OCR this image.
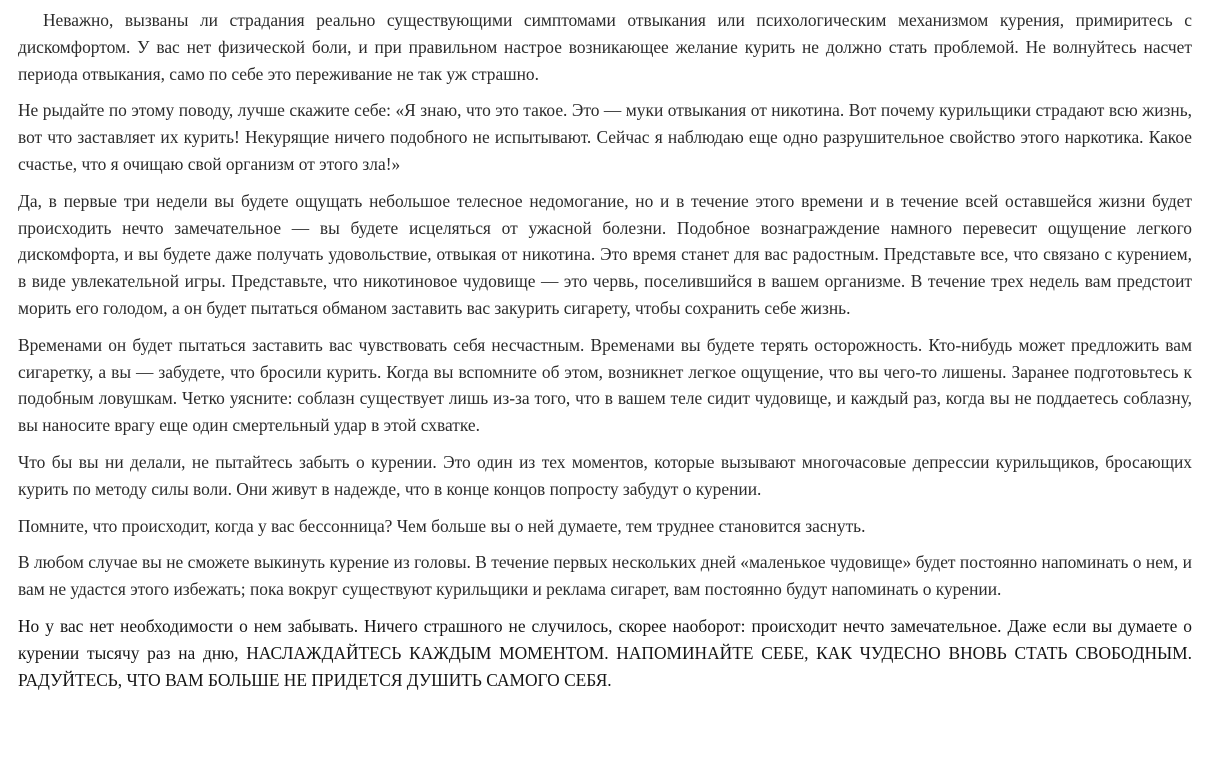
Неважно, вызваны ли страдания реально существующими симптомами отвыкания или психологическим механизмом курения, примиритесь с дискомфортом. У вас нет физической боли, и при правильном настрое возникающее желание курить не должно стать проблемой. Не волнуйтесь насчет периода отвыкания, само по себе это переживание не так уж страшно.

Не рыдайте по этому поводу, лучше скажите себе: «Я знаю, что это такое. Это — муки отвыкания от никотина. Вот почему курильщики страдают всю жизнь, вот что заставляет их курить! Некурящие ничего подобного не испытывают. Сейчас я наблюдаю еще одно разрушительное свойство этого наркотика. Какое счастье, что я очищаю свой организм от этого зла!»

Да, в первые три недели вы будете ощущать небольшое телесное недомогание, но и в течение этого времени и в течение всей оставшейся жизни будет происходить нечто замечательное — вы будете исцеляться от ужасной болезни. Подобное вознаграждение намного перевесит ощущение легкого дискомфорта, и вы будете даже получать удовольствие, отвыкая от никотина. Это время станет для вас радостным. Представьте все, что связано с курением, в виде увлекательной игры. Представьте, что никотиновое чудовище — это червь, поселившийся в вашем организме. В течение трех недель вам предстоит морить его голодом, а он будет пытаться обманом заставить вас закурить сигарету, чтобы сохранить себе жизнь.

Временами он будет пытаться заставить вас чувствовать себя несчастным. Временами вы будете терять осторожность. Кто-нибудь может предложить вам сигаретку, а вы — забудете, что бросили курить. Когда вы вспомните об этом, возникнет легкое ощущение, что вы чего-то лишены. Заранее подготовьтесь к подобным ловушкам. Четко уясните: соблазн существует лишь из-за того, что в вашем теле сидит чудовище, и каждый раз, когда вы не поддаетесь соблазну, вы наносите врагу еще один смертельный удар в этой схватке.

Что бы вы ни делали, не пытайтесь забыть о курении. Это один из тех моментов, которые вызывают многочасовые депрессии курильщиков, бросающих курить по методу силы воли. Они живут в надежде, что в конце концов попросту забудут о курении.

Помните, что происходит, когда у вас бессонница? Чем больше вы о ней думаете, тем труднее становится заснуть.

В любом случае вы не сможете выкинуть курение из головы. В течение первых нескольких дней «маленькое чудовище» будет постоянно напоминать о нем, и вам не удастся этого избежать; пока вокруг существуют курильщики и реклама сигарет, вам постоянно будут напоминать о курении.

Но у вас нет необходимости о нем забывать. Ничего страшного не случилось, скорее наоборот: происходит нечто замечательное. Даже если вы думаете о курении тысячу раз на дню, НАСЛАЖДАЙТЕСЬ КАЖДЫМ МОМЕНТОМ. НАПОМИНАЙТЕ СЕБЕ, КАК ЧУДЕСНО ВНОВЬ СТАТЬ СВОБОДНЫМ. РАДУЙТЕСЬ, ЧТО ВАМ БОЛЬШЕ НЕ ПРИДЕТСЯ ДУШИТЬ САМОГО СЕБЯ.
